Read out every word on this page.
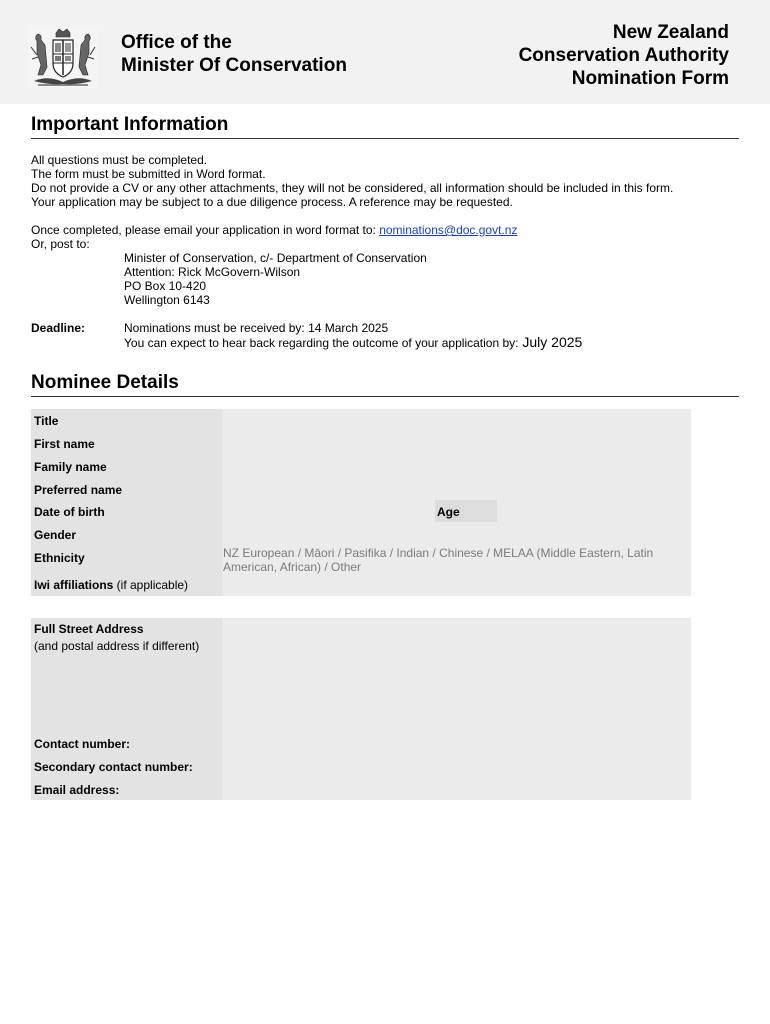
Office of the
Minister Of Conservation
New Zealand
Conservation Authority
Nomination Form
Important Information
All questions must be completed.
The form must be submitted in Word format.
Do not provide a CV or any other attachments, they will not be considered, all information should be included in this form.
Your application may be subject to a due diligence process. A reference may be requested.
Once completed, please email your application in word format to: nominations@doc.govt.nz
Or, post to:
Minister of Conservation, c/- Department of Conservation
Attention: Rick McGovern-Wilson
PO Box 10-420
Wellington 6143
Deadline:	Nominations must be received by: 14 March 2025
You can expect to hear back regarding the outcome of your application by: July 2025
Nominee Details
Title
First name
Family name
Preferred name
Date of birth	Age
Gender
Ethnicity	NZ European / Māori / Pasifika / Indian / Chinese / MELAA (Middle Eastern, Latin American, African) / Other
Iwi affiliations (if applicable)
Full Street Address
(and postal address if different)
Contact number:
Secondary contact number:
Email address:
